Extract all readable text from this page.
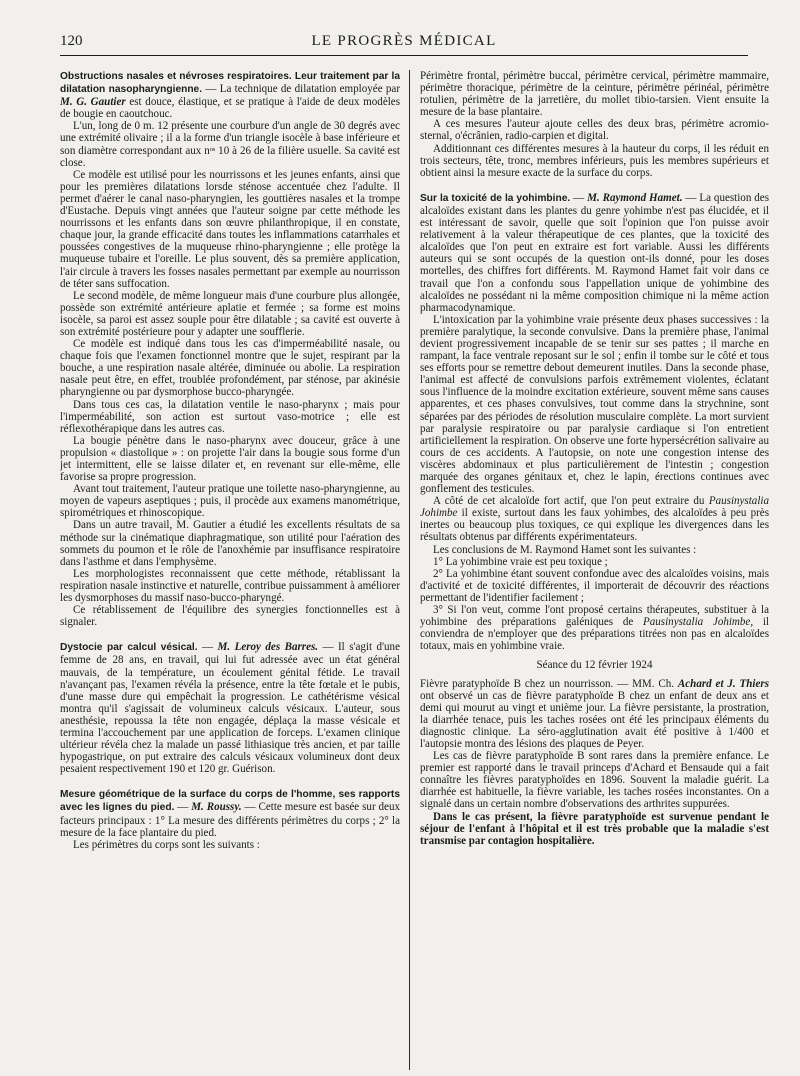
120	LE PROGRÈS MÉDICAL

Obstructions nasales et névroses respiratoires. Leur traitement par la dilatation nasopharyngienne. — La technique de dilatation employée par M. G. Gautier est douce, élastique, et se pratique à l'aide de deux modèles de bougie en caoutchouc.

L'un, long de 0 m. 12 présente une courbure d'un angle de 30 degrés avec une extrémité olivaire ; il a la forme d'un triangle isocèle à base inférieure et son diamètre correspondant aux nᵒˢ 10 à 26 de la filière usuelle. Sa cavité est close.

Ce modèle est utilisé pour les nourrissons et les jeunes enfants, ainsi que pour les premières dilatations lorsde sténose accentuée chez l'adulte. Il permet d'aérer le canal naso-pharyngien, les gouttières nasales et la trompe d'Eustache. Depuis vingt années que l'auteur soigne par cette méthode les nourrissons et les enfants dans son œuvre philanthropique, il en constate, chaque jour, la grande efficacité dans toutes les inflammations catarrhales et poussées congestives de la muqueuse rhino-pharyngienne ; elle protège la muqueuse tubaire et l'oreille. Le plus souvent, dès sa première application, l'air circule à travers les fosses nasales permettant par exemple au nourrisson de téter sans suffocation.

Le second modèle, de même longueur mais d'une courbure plus allongée, possède son extrémité antérieure aplatie et fermée ; sa forme est moins isocèle, sa paroi est assez souple pour être dilatable ; sa cavité est ouverte à son extrémité postérieure pour y adapter une soufflerie.

Ce modèle est indiqué dans tous les cas d'imperméabilité nasale, ou chaque fois que l'examen fonctionnel montre que le sujet, respirant par la bouche, a une respiration nasale altérée, diminuée ou abolie. La respiration nasale peut être, en effet, troublée profondément, par sténose, par akinésie pharyngienne ou par dysmorphose bucco-pharyngée.

Dans tous ces cas, la dilatation ventile le naso-pharynx ; mais pour l'imperméabilité, son action est surtout vaso-motrice ; elle est réflexothérapique dans les autres cas.

La bougie pénètre dans le naso-pharynx avec douceur, grâce à une propulsion « diastolique » : on projette l'air dans la bougie sous forme d'un jet intermittent, elle se laisse dilater et, en revenant sur elle-même, elle favorise sa propre progression.

Avant tout traitement, l'auteur pratique une toilette naso-pharyngienne, au moyen de vapeurs aseptiques ; puis, il procède aux examens manométrique, spirométriques et rhinoscopique.

Dans un autre travail, M. Gautier a étudié les excellents résultats de sa méthode sur la cinématique diaphragmatique, son utilité pour l'aération des sommets du poumon et le rôle de l'anoxhémie par insuffisance respiratoire dans l'asthme et dans l'emphysème.

Les morphologistes reconnaissent que cette méthode, rétablissant la respiration nasale instinctive et naturelle, contribue puissamment à améliorer les dysmorphoses du massif naso-bucco-pharyngé.

Ce rétablissement de l'équilibre des synergies fonctionnelles est à signaler.

Dystocie par calcul vésical. — M. Leroy des Barres. — Il s'agit d'une femme de 28 ans, en travail, qui lui fut adressée avec un état général mauvais, de la température, un écoulement génital fétide. Le travail n'avançant pas, l'examen révéla la présence, entre la tête fœtale et le pubis, d'une masse dure qui empêchait la progression. Le cathétérisme vésical montra qu'il s'agissait de volumineux calculs vésicaux. L'auteur, sous anesthésie, repoussa la tête non engagée, déplaça la masse vésicale et termina l'accouchement par une application de forceps. L'examen clinique ultérieur révéla chez la malade un passé lithiasique très ancien, et par taille hypogastrique, on put extraire des calculs vésicaux volumineux dont deux pesaient respectivement 190 et 120 gr. Guérison.

Mesure géométrique de la surface du corps de l'homme, ses rapports avec les lignes du pied. — M. Roussy. — Cette mesure est basée sur deux facteurs principaux : 1° La mesure des différents périmètres du corps ; 2° la mesure de la face plantaire du pied.

Les périmètres du corps sont les suivants :

Périmètre frontal, périmètre buccal, périmètre cervical, périmètre mammaire, périmètre thoracique, périmètre de la ceinture, périmètre périnéal, périmètre rotulien, périmètre de la jarretière, du mollet tibio-tarsien. Vient ensuite la mesure de la base plantaire.

A ces mesures l'auteur ajoute celles des deux bras, périmètre acromio-sternal, o'écrânien, radio-carpien et digital.

Additionnant ces différentes mesures à la hauteur du corps, il les réduit en trois secteurs, tête, tronc, membres inférieurs, puis les membres supérieurs et obtient ainsi la mesure exacte de la surface du corps.

Sur la toxicité de la yohimbine. — M. Raymond Hamet. — La question des alcaloïdes existant dans les plantes du genre yohimbe n'est pas élucidée, et il est intéressant de savoir, quelle que soit l'opinion que l'on puisse avoir relativement à la valeur thérapeutique de ces plantes, que la toxicité des alcaloïdes que l'on peut en extraire est fort variable. Aussi les différents auteurs qui se sont occupés de la question ont-ils donné, pour les doses mortelles, des chiffres fort différents. M. Raymond Hamet fait voir dans ce travail que l'on a confondu sous l'appellation unique de yohimbine des alcaloïdes ne possédant ni la même composition chimique ni la même action pharmacodynamique.

L'intoxication par la yohimbine vraie présente deux phases successives : la première paralytique, la seconde convulsive. Dans la première phase, l'animal devient progressivement incapable de se tenir sur ses pattes ; il marche en rampant, la face ventrale reposant sur le sol ; enfin il tombe sur le côté et tous ses efforts pour se remettre debout demeurent inutiles. Dans la seconde phase, l'animal est affecté de convulsions parfois extrêmement violentes, éclatant sous l'influence de la moindre excitation extérieure, souvent même sans causes apparentes, et ces phases convulsives, tout comme dans la strychnine, sont séparées par des périodes de résolution musculaire complète. La mort survient par paralysie respiratoire ou par paralysie cardiaque si l'on entretient artificiellement la respiration. On observe une forte hypersécrétion salivaire au cours de ces accidents. A l'autopsie, on note une congestion intense des viscères abdominaux et plus particulièrement de l'intestin ; congestion marquée des organes génitaux et, chez le lapin, érections continues avec gonflement des testicules.

A côté de cet alcaloïde fort actif, que l'on peut extraire du Pausinystalia Johimbe il existe, surtout dans les faux yohimbes, des alcaloïdes à peu près inertes ou beaucoup plus toxiques, ce qui explique les divergences dans les résultats obtenus par différents expérimentateurs.

Les conclusions de M. Raymond Hamet sont les suivantes :

1° La yohimbine vraie est peu toxique ;

2° La yohimbine étant souvent confondue avec des alcaloïdes voisins, mais d'activité et de toxicité différentes, il importerait de découvrir des réactions permettant de l'identifier facilement ;

3° Si l'on veut, comme l'ont proposé certains thérapeutes, substituer à la yohimbine des préparations galéniques de Pausinystalia Johimbe, il conviendra de n'employer que des préparations titrées non pas en alcaloïdes totaux, mais en yohimbine vraie.

Séance du 12 février 1924

Fièvre paratyphoïde B chez un nourrisson. — MM. Ch. Achard et J. Thiers ont observé un cas de fièvre paratyphoïde B chez un enfant de deux ans et demi qui mourut au vingt et unième jour. La fièvre persistante, la prostration, la diarrhée tenace, puis les taches rosées ont été les principaux éléments du diagnostic clinique. La séro-agglutination avait été positive à 1/400 et l'autopsie montra des lésions des plaques de Peyer.

Les cas de fièvre paratyphoïde B sont rares dans la première enfance. Le premier est rapporté dans le travail princeps d'Achard et Bensaude qui a fait connaître les fièvres paratyphoïdes en 1896. Souvent la maladie guérit. La diarrhée est habituelle, la fièvre variable, les taches rosées inconstantes. On a signalé dans un certain nombre d'observations des arthrites suppurées.

Dans le cas présent, la fièvre paratyphoïde est survenue pendant le séjour de l'enfant à l'hôpital et il est très probable que la maladie s'est transmise par contagion hospitalière.
